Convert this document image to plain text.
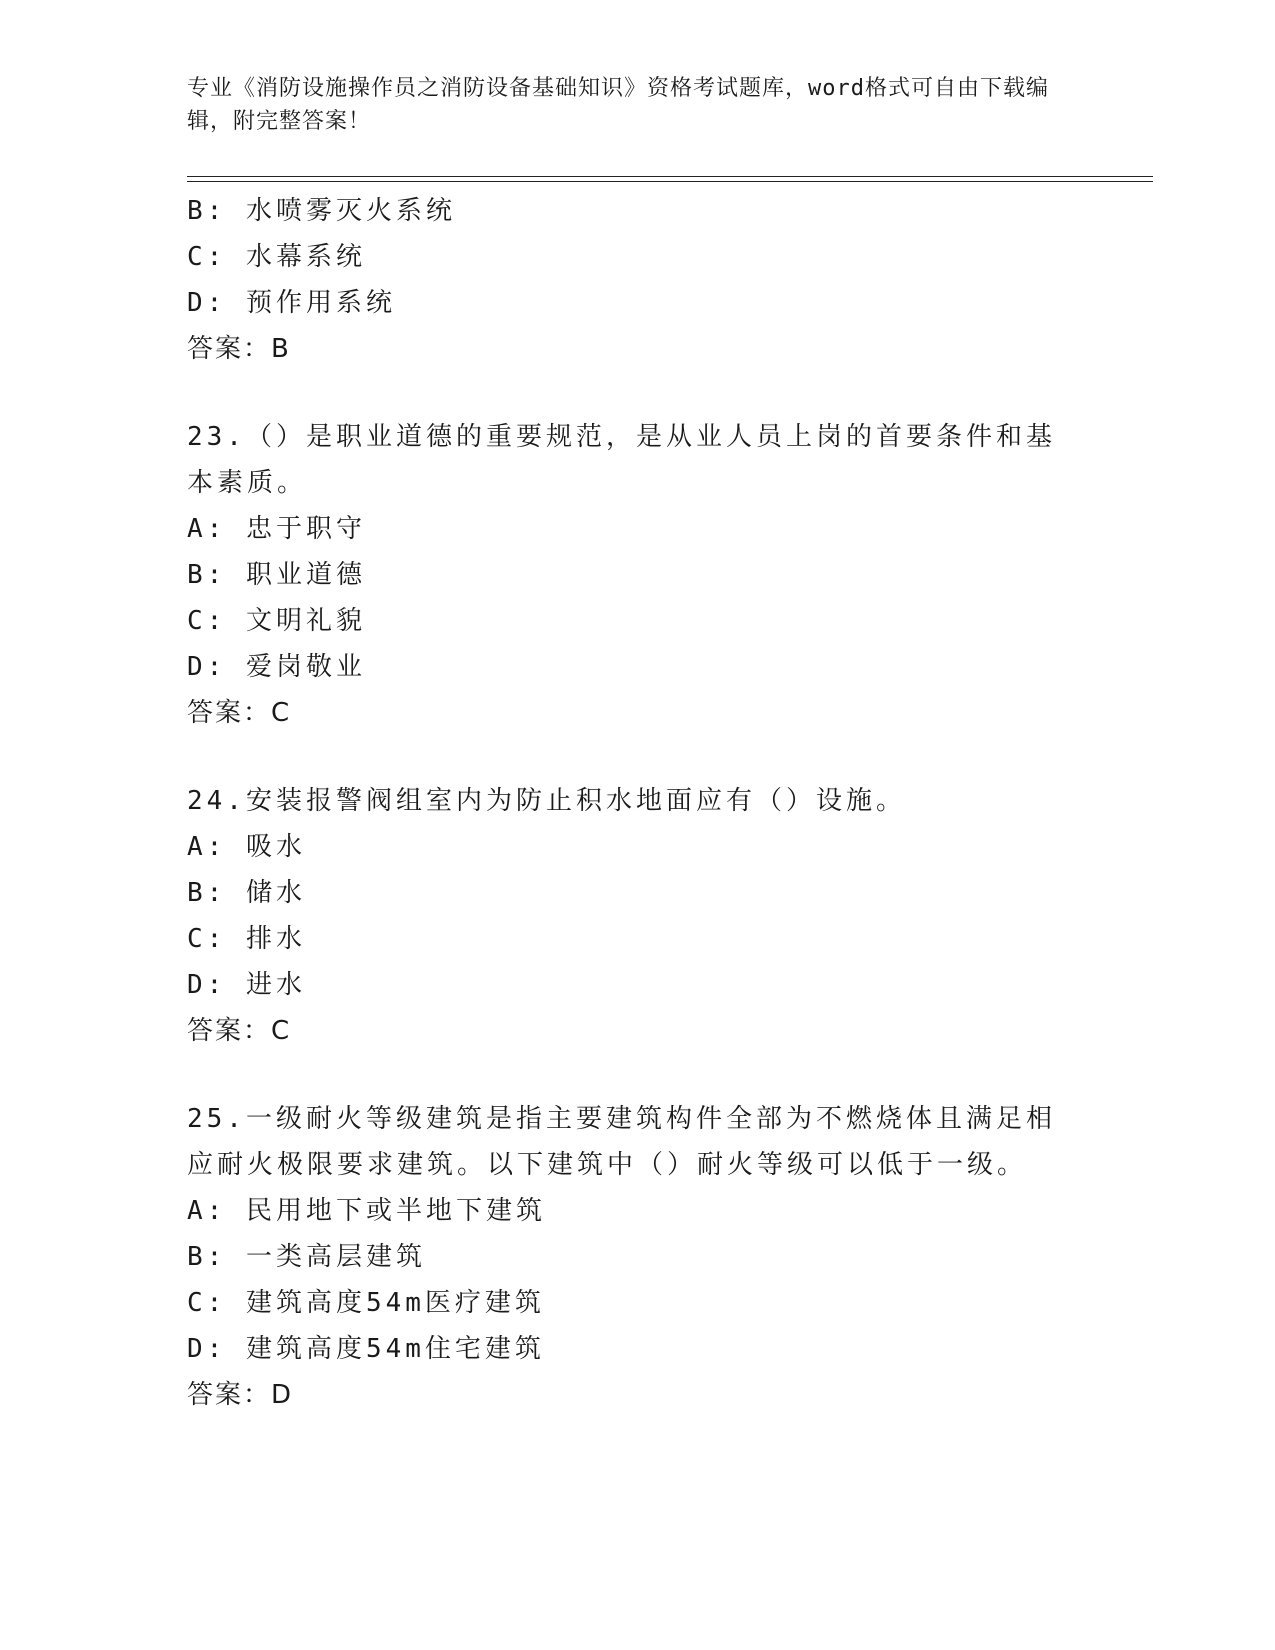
专业《消防设施操作员之消防设备基础知识》资格考试题库，word格式可自由下载编辑，附完整答案！
B: 水喷雾灭火系统
C: 水幕系统
D: 预作用系统
答案：B
23.（）是职业道德的重要规范，是从业人员上岗的首要条件和基本素质。
A: 忠于职守
B: 职业道德
C: 文明礼貌
D: 爱岗敬业
答案：C
24.安装报警阀组室内为防止积水地面应有（）设施。
A: 吸水
B: 储水
C: 排水
D: 进水
答案：C
25.一级耐火等级建筑是指主要建筑构件全部为不燃烧体且满足相应耐火极限要求建筑。以下建筑中（）耐火等级可以低于一级。
A: 民用地下或半地下建筑
B: 一类高层建筑
C: 建筑高度54m医疗建筑
D: 建筑高度54m住宅建筑
答案：D
